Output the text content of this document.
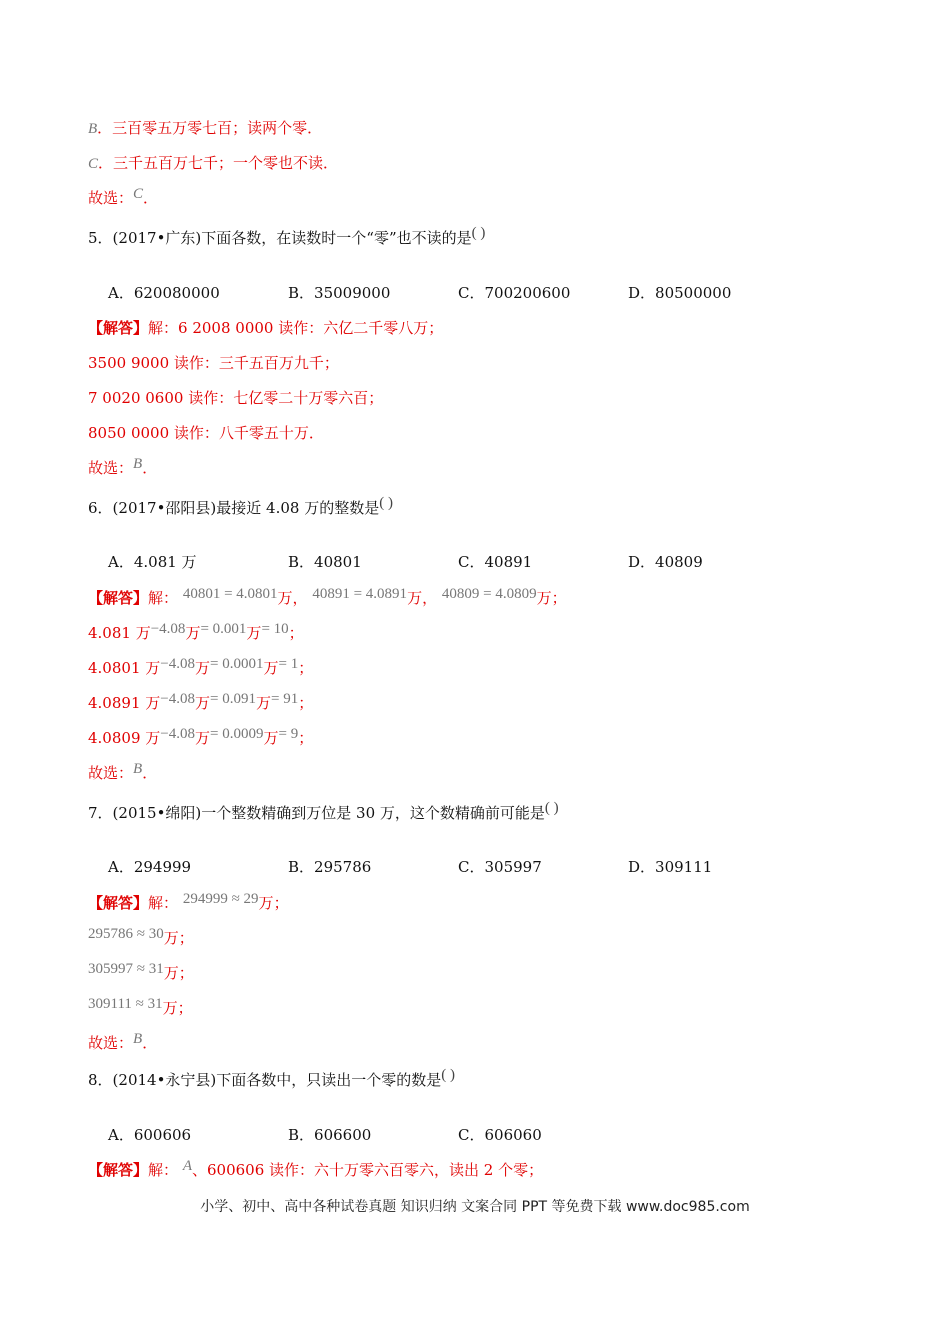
B．三百零五万零七百；读两个零．
C．三千五百万七千；一个零也不读．
故选：C．
5．(2017•广东)下面各数，在读数时一个“零”也不读的是( )
A．620080000	B．35009000	C．700200600	D．80500000
【解答】解：6 2008 0000 读作：六亿二千零八万；
3500 9000 读作：三千五百万九千；
7 0020 0600 读作：七亿零二十万零六百；
8050 0000 读作：八千零五十万．
故选：B．
6．(2017•邵阳县)最接近 4.08 万的整数是( )
A．4.081 万	B．40801	C．40891	D．40809
【解答】解： 40801 = 4.0801万， 40891 = 4.0891万， 40809 = 4.0809万；
4.081 万−4.08万= 0.001万= 10；
4.0801 万−4.08万= 0.0001万= 1；
4.0891 万−4.08万= 0.091万= 91；
4.0809 万−4.08万= 0.0009万= 9；
故选：B．
7．(2015•绵阳)一个整数精确到万位是 30 万，这个数精确前可能是( )
A．294999	B．295786	C．305997	D．309111
【解答】解： 294999 ≈ 29万；
295786 ≈ 30万；
305997 ≈ 31万；
309111 ≈ 31万；
故选：B．
8．(2014•永宁县)下面各数中，只读出一个零的数是( )
A．600606	B．606600	C．606060
【解答】解： A、600606 读作：六十万零六百零六，读出 2 个零；
小学、初中、高中各种试卷真题 知识归纳 文案合同 PPT 等免费下载 www.doc985.com
